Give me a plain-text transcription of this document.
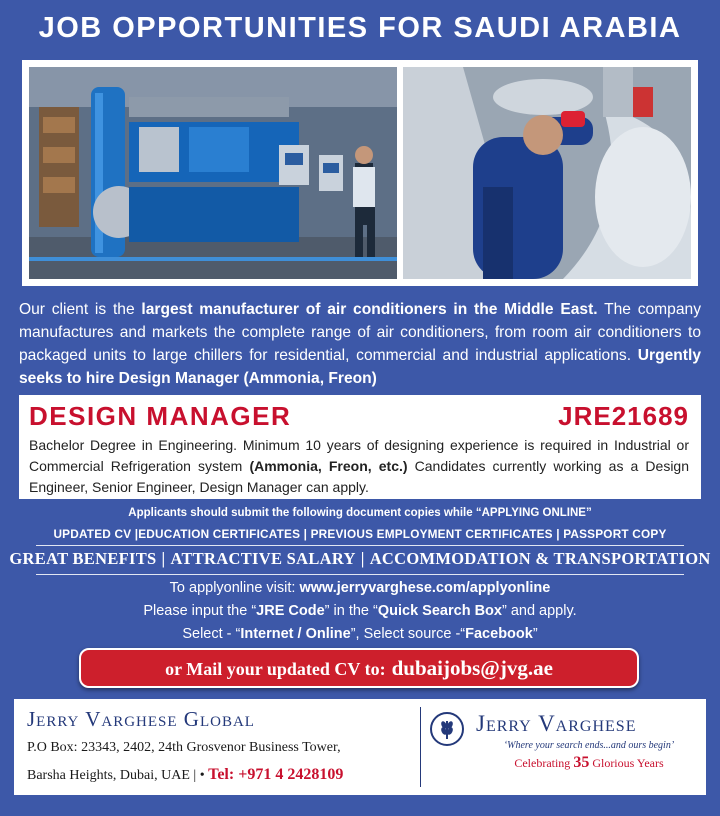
JOB OPPORTUNITIES FOR SAUDI ARABIA
Our client is the largest manufacturer of air conditioners in the Middle East. The company manufactures and markets the complete range of air conditioners, from room air conditioners to packaged units to large chillers for residential, commercial and industrial applications. Urgently seeks to hire Design Manager (Ammonia, Freon)
DESIGN MANAGER	JRE21689
Bachelor Degree in Engineering. Minimum 10 years of designing experience is required in Industrial or Commercial Refrigeration system (Ammonia, Freon, etc.) Candidates currently working as a Design Engineer, Senior Engineer, Design Manager can apply.
Applicants should submit the following document copies while “APPLYING ONLINE”
UPDATED CV |EDUCATION CERTIFICATES | PREVIOUS EMPLOYMENT CERTIFICATES | PASSPORT COPY
GREAT BENEFITS | ATTRACTIVE SALARY | ACCOMMODATION & TRANSPORTATION
To applyonline visit: www.jerryvarghese.com/applyonline
Please input the “JRE Code” in the “Quick Search Box” and apply.
Select - “Internet / Online”, Select source -“Facebook”
or Mail your updated CV to: dubaijobs@jvg.ae
Jerry Varghese Global
P.O Box: 23343, 2402, 24th Grosvenor Business Tower,
Barsha Heights, Dubai, UAE | • Tel: +971 4 2428109
Jerry Varghese
‘Where your search ends...and ours begin’
Celebrating 35 Glorious Years
